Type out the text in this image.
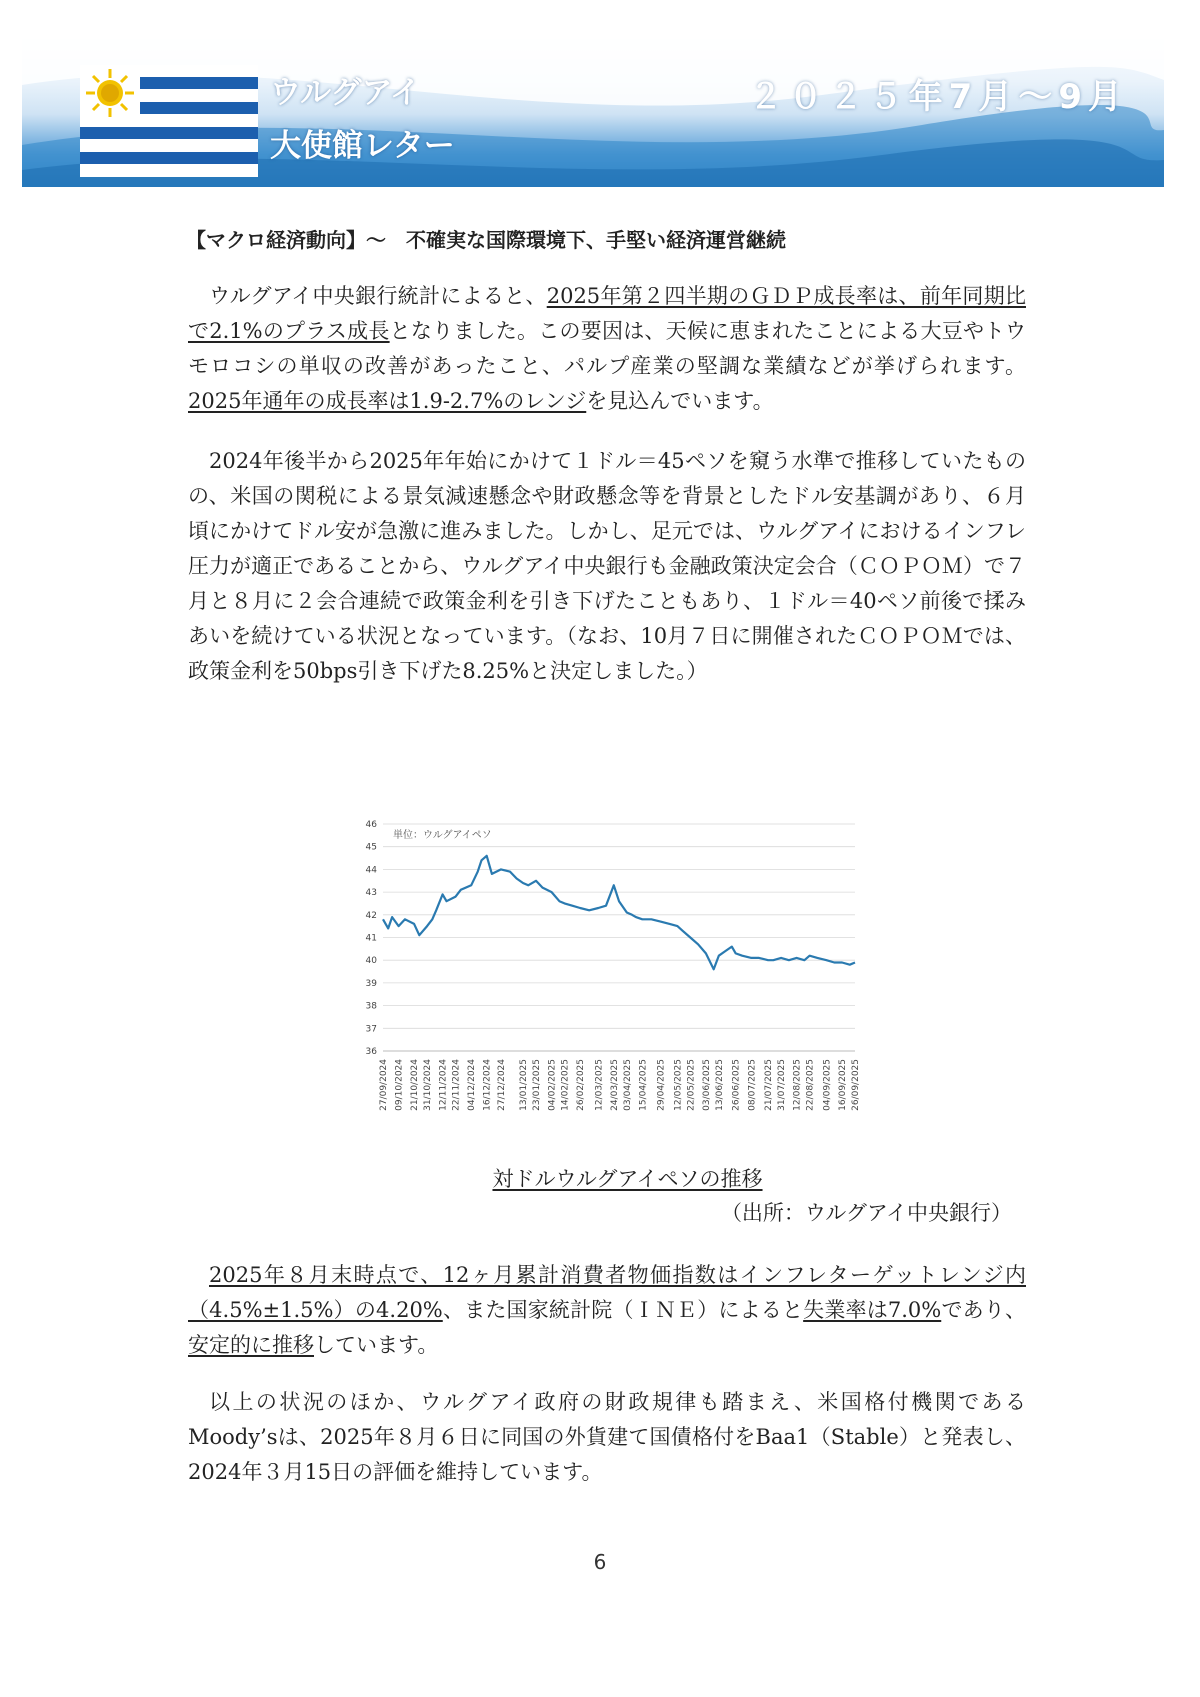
ウルグアイ
大使館レター
２０２５年7月～9月
【マクロ経済動向】～　不確実な国際環境下、手堅い経済運営継続

ウルグアイ中央銀行統計によると、2025年第２四半期のＧＤＰ成長率は、前年同期比で2.1%のプラス成長となりました。この要因は、天候に恵まれたことによる大豆やトウモロコシの単収の改善があったこと、パルプ産業の堅調な業績などが挙げられます。2025年通年の成長率は1.9-2.7%のレンジを見込んでいます。

2024年後半から2025年年始にかけて１ドル＝45ペソを窺う水準で推移していたものの、米国の関税による景気減速懸念や財政懸念等を背景としたドル安基調があり、６月頃にかけてドル安が急激に進みました。しかし、足元では、ウルグアイにおけるインフレ圧力が適正であることから、ウルグアイ中央銀行も金融政策決定会合（ＣＯＰＯＭ）で７月と８月に２会合連続で政策金利を引き下げたこともあり、１ドル＝40ペソ前後で揉みあいを続けている状況となっています。（なお、10月７日に開催されたＣＯＰＯＭでは、政策金利を50bps引き下げた8.25%と決定しました。）

36
37
38
39
40
41
42
43
44
45
46
27/09/2024 09/10/2024 21/10/2024 31/10/2024 12/11/2024 22/11/2024 04/12/2024 16/12/2024 27/12/2024 13/01/2025 23/01/2025 04/02/2025 14/02/2025 26/02/2025 12/03/2025 24/03/2025 03/04/2025 15/04/2025 29/04/2025 12/05/2025 22/05/2025 03/06/2025 13/06/2025 26/06/2025 08/07/2025 21/07/2025 31/07/2025 12/08/2025 22/08/2025 04/09/2025 16/09/2025 26/09/2025
単位：ウルグアイペソ
対ドルウルグアイペソの推移
（出所：ウルグアイ中央銀行）

2025年８月末時点で、12ヶ月累計消費者物価指数はインフレターゲットレンジ内（4.5%±1.5%）の4.20%、また国家統計院（ＩＮＥ）によると失業率は7.0%であり、安定的に推移しています。

以上の状況のほか、ウルグアイ政府の財政規律も踏まえ、米国格付機関であるMoody’sは、2025年８月６日に同国の外貨建て国債格付をBaa1（Stable）と発表し、2024年３月15日の評価を維持しています。

6
